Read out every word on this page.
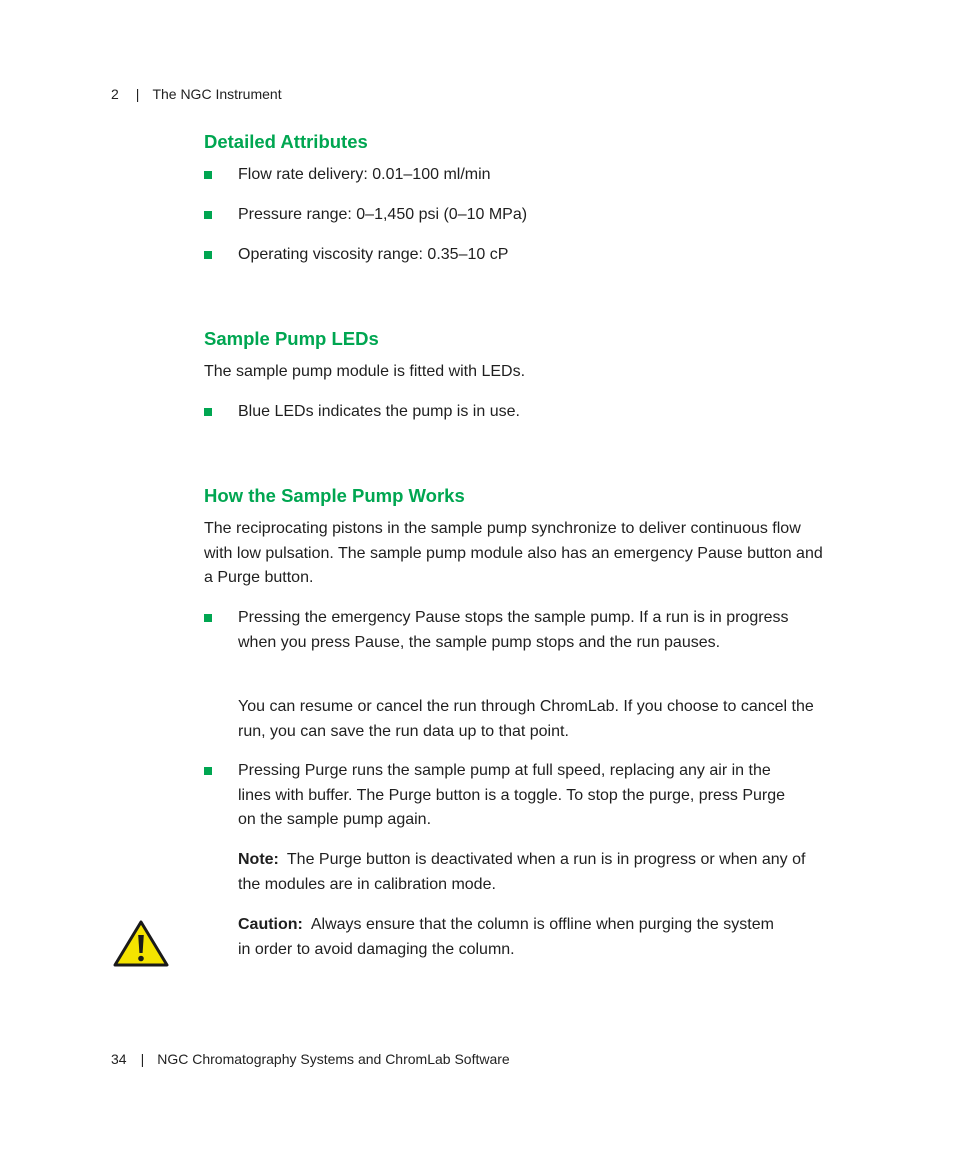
2 | The NGC Instrument
Detailed Attributes
Flow rate delivery: 0.01–100 ml/min
Pressure range: 0–1,450 psi (0–10 MPa)
Operating viscosity range: 0.35–10 cP
Sample Pump LEDs
The sample pump module is fitted with LEDs.
Blue LEDs indicates the pump is in use.
How the Sample Pump Works
The reciprocating pistons in the sample pump synchronize to deliver continuous flow with low pulsation. The sample pump module also has an emergency Pause button and a Purge button.
Pressing the emergency Pause stops the sample pump. If a run is in progress when you press Pause, the sample pump stops and the run pauses.
You can resume or cancel the run through ChromLab. If you choose to cancel the run, you can save the run data up to that point.
Pressing Purge runs the sample pump at full speed, replacing any air in the lines with buffer. The Purge button is a toggle. To stop the purge, press Purge on the sample pump again.
Note: The Purge button is deactivated when a run is in progress or when any of the modules are in calibration mode.
Caution: Always ensure that the column is offline when purging the system in order to avoid damaging the column.
34 | NGC Chromatography Systems and ChromLab Software
